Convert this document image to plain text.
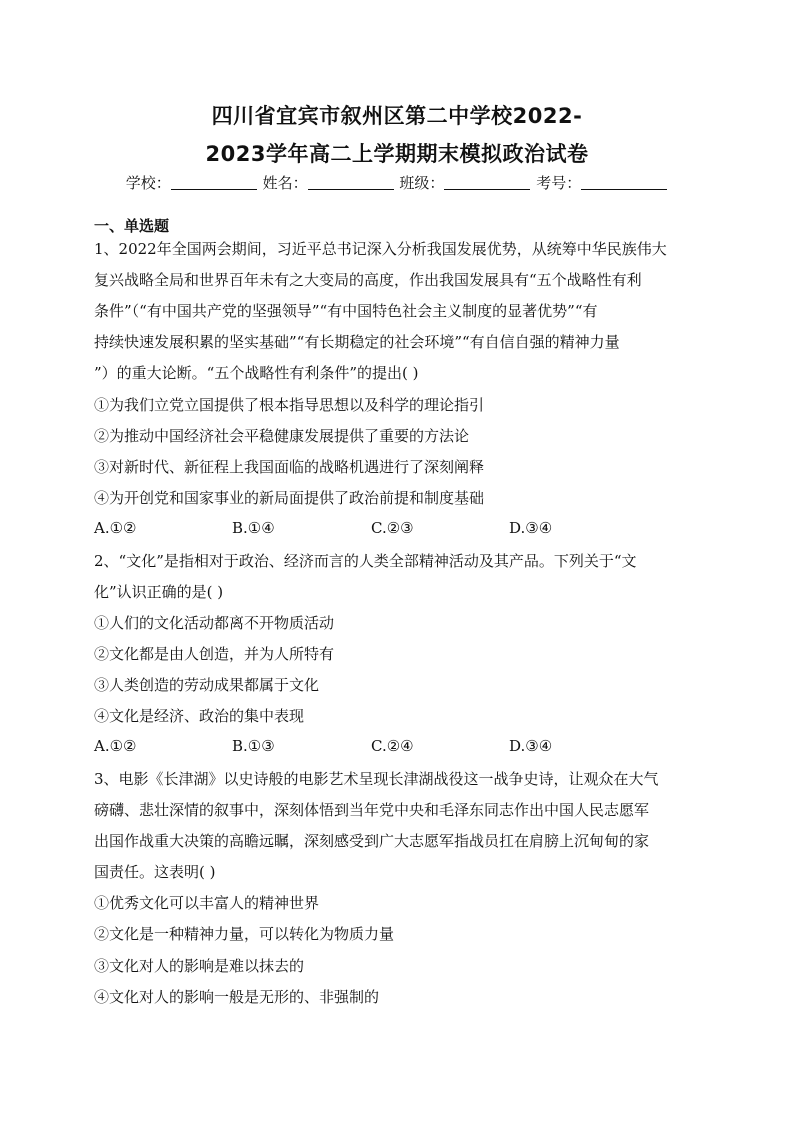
四川省宜宾市叙州区第二中学校2022-
2023学年高二上学期期末模拟政治试卷
学校：	姓名：	班级：	考号：
一、单选题
1、2022年全国两会期间，习近平总书记深入分析我国发展优势，从统筹中华民族伟大
复兴战略全局和世界百年未有之大变局的高度，作出我国发展具有“五个战略性有利
条件”（“有中国共产党的坚强领导”“有中国特色社会主义制度的显著优势”“有
持续快速发展积累的坚实基础”“有长期稳定的社会环境”“有自信自强的精神力量
”）的重大论断。“五个战略性有利条件”的提出( )
①为我们立党立国提供了根本指导思想以及科学的理论指引
②为推动中国经济社会平稳健康发展提供了重要的方法论
③对新时代、新征程上我国面临的战略机遇进行了深刻阐释
④为开创党和国家事业的新局面提供了政治前提和制度基础
A.①②	B.①④	C.②③	D.③④
2、“文化”是指相对于政治、经济而言的人类全部精神活动及其产品。下列关于“文
化”认识正确的是( )
①人们的文化活动都离不开物质活动
②文化都是由人创造，并为人所特有
③人类创造的劳动成果都属于文化
④文化是经济、政治的集中表现
A.①②	B.①③	C.②④	D.③④
3、电影《长津湖》以史诗般的电影艺术呈现长津湖战役这一战争史诗，让观众在大气
磅礴、悲壮深情的叙事中，深刻体悟到当年党中央和毛泽东同志作出中国人民志愿军
出国作战重大决策的高瞻远瞩，深刻感受到广大志愿军指战员扛在肩膀上沉甸甸的家
国责任。这表明( )
①优秀文化可以丰富人的精神世界
②文化是一种精神力量，可以转化为物质力量
③文化对人的影响是难以抹去的
④文化对人的影响一般是无形的、非强制的
